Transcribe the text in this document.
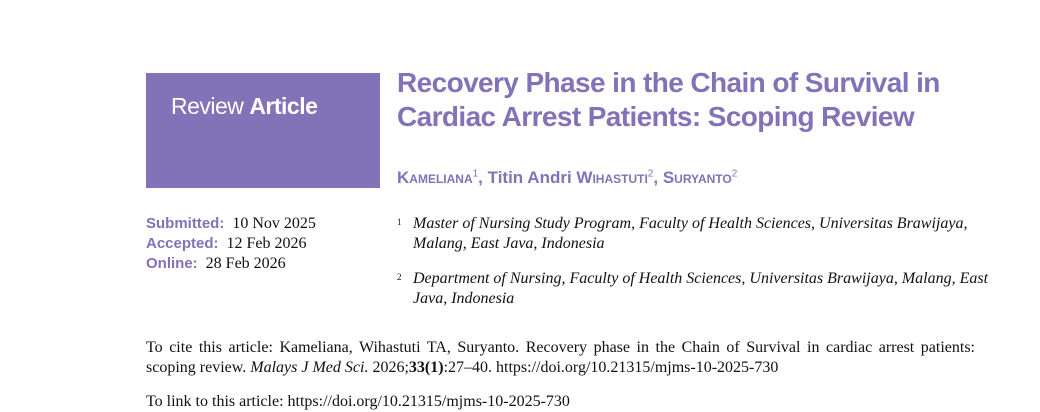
Review Article
Recovery Phase in the Chain of Survival in Cardiac Arrest Patients: Scoping Review
Kameliana$^1$, Titin Andri Wihastuti$^2$, Suryanto$^2$
Submitted: 10 Nov 2025
Accepted: 12 Feb 2026
Online: 28 Feb 2026
1 Master of Nursing Study Program, Faculty of Health Sciences, Universitas Brawijaya, Malang, East Java, Indonesia
2 Department of Nursing, Faculty of Health Sciences, Universitas Brawijaya, Malang, East Java, Indonesia
To cite this article: Kameliana, Wihastuti TA, Suryanto. Recovery phase in the Chain of Survival in cardiac arrest patients: scoping review. Malays J Med Sci. 2026;33(1):27–40. https://doi.org/10.21315/mjms-10-2025-730
To link to this article: https://doi.org/10.21315/mjms-10-2025-730
